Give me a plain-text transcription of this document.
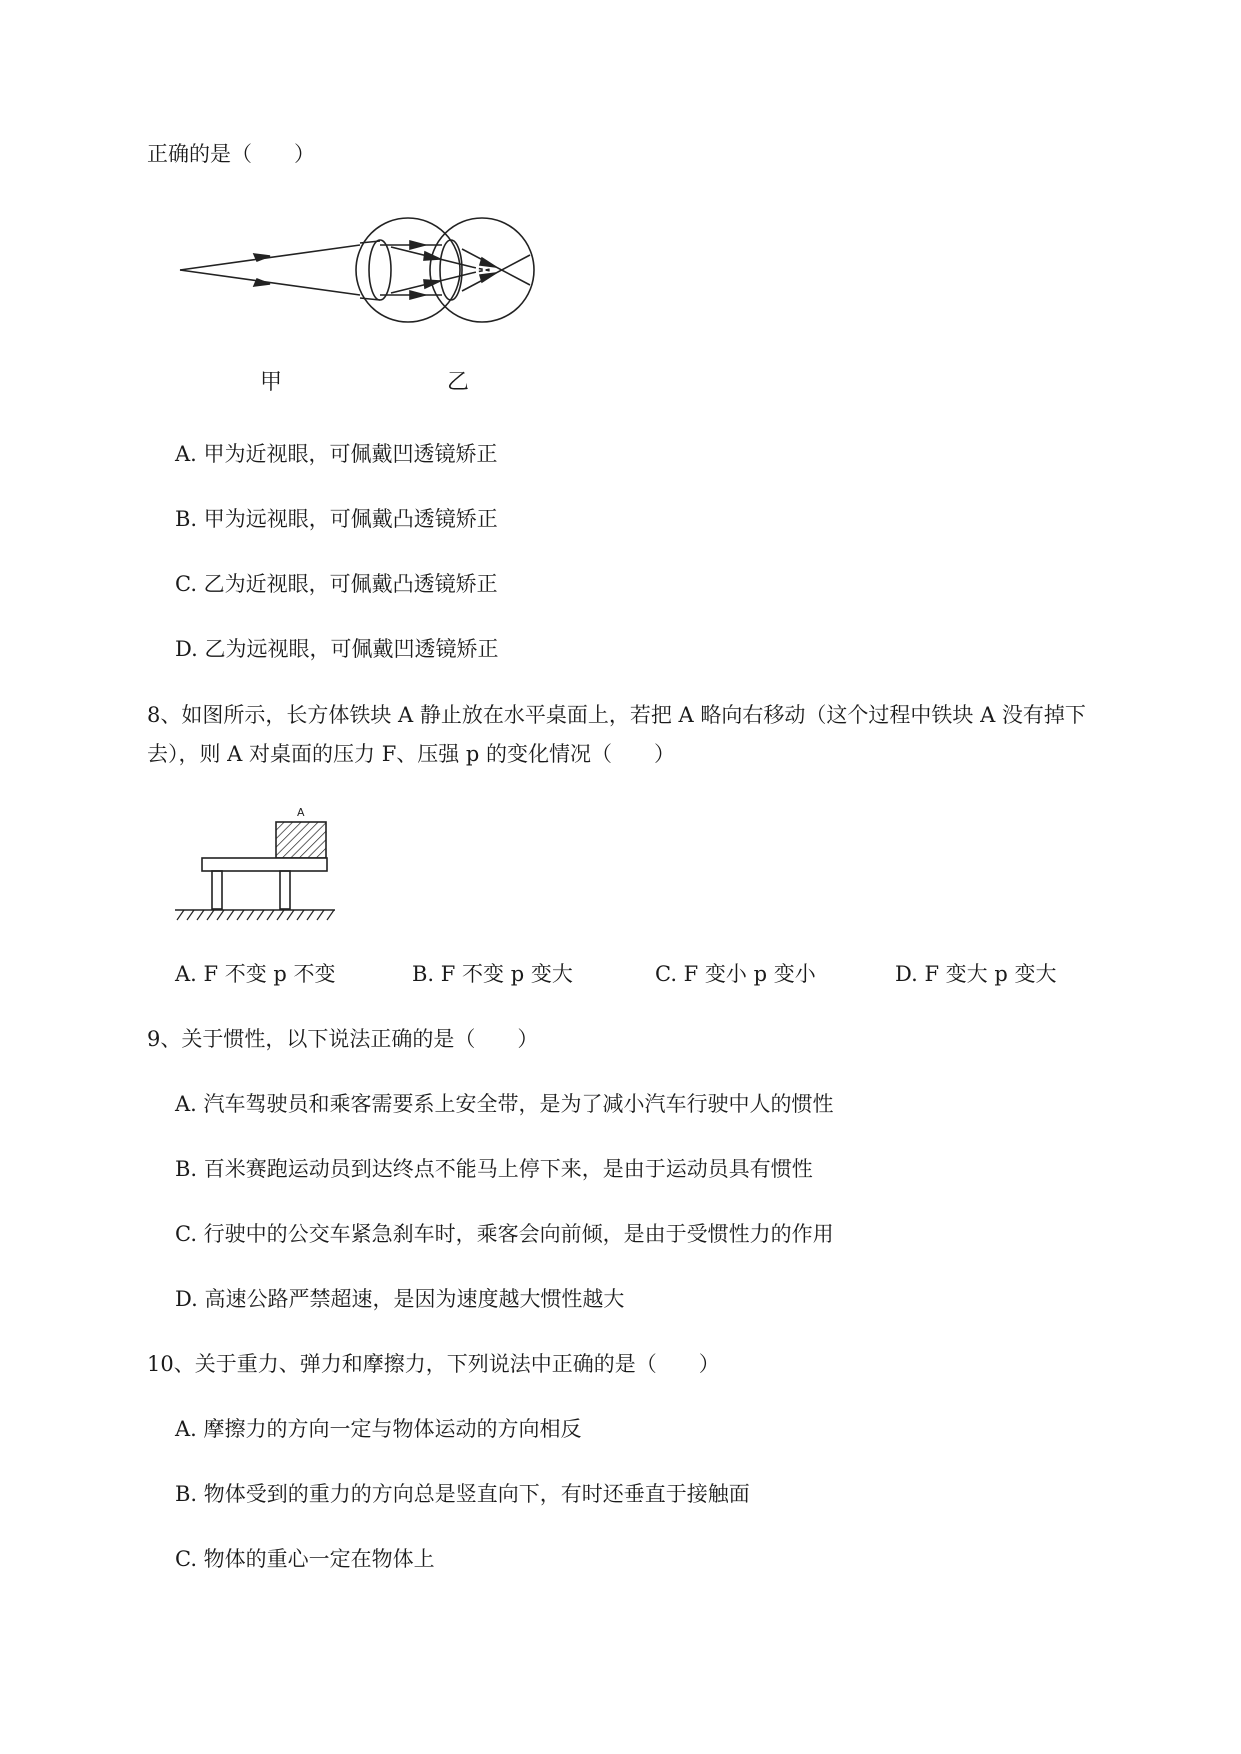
正确的是（　　）
甲	乙
A. 甲为近视眼，可佩戴凹透镜矫正
B. 甲为远视眼，可佩戴凸透镜矫正
C. 乙为近视眼，可佩戴凸透镜矫正
D. 乙为远视眼，可佩戴凹透镜矫正
8、如图所示，长方体铁块 A 静止放在水平桌面上，若把 A 略向右移动（这个过程中铁块 A 没有掉下
去），则 A 对桌面的压力 F、压强 p 的变化情况（　　）
A
A. F 不变 p 不变	B. F 不变 p 变大	C. F 变小 p 变小	D. F 变大 p 变大
9、关于惯性，以下说法正确的是（　　）
A. 汽车驾驶员和乘客需要系上安全带，是为了减小汽车行驶中人的惯性
B. 百米赛跑运动员到达终点不能马上停下来，是由于运动员具有惯性
C. 行驶中的公交车紧急刹车时，乘客会向前倾，是由于受惯性力的作用
D. 高速公路严禁超速，是因为速度越大惯性越大
10、关于重力、弹力和摩擦力，下列说法中正确的是（　　）
A. 摩擦力的方向一定与物体运动的方向相反
B. 物体受到的重力的方向总是竖直向下，有时还垂直于接触面
C. 物体的重心一定在物体上
